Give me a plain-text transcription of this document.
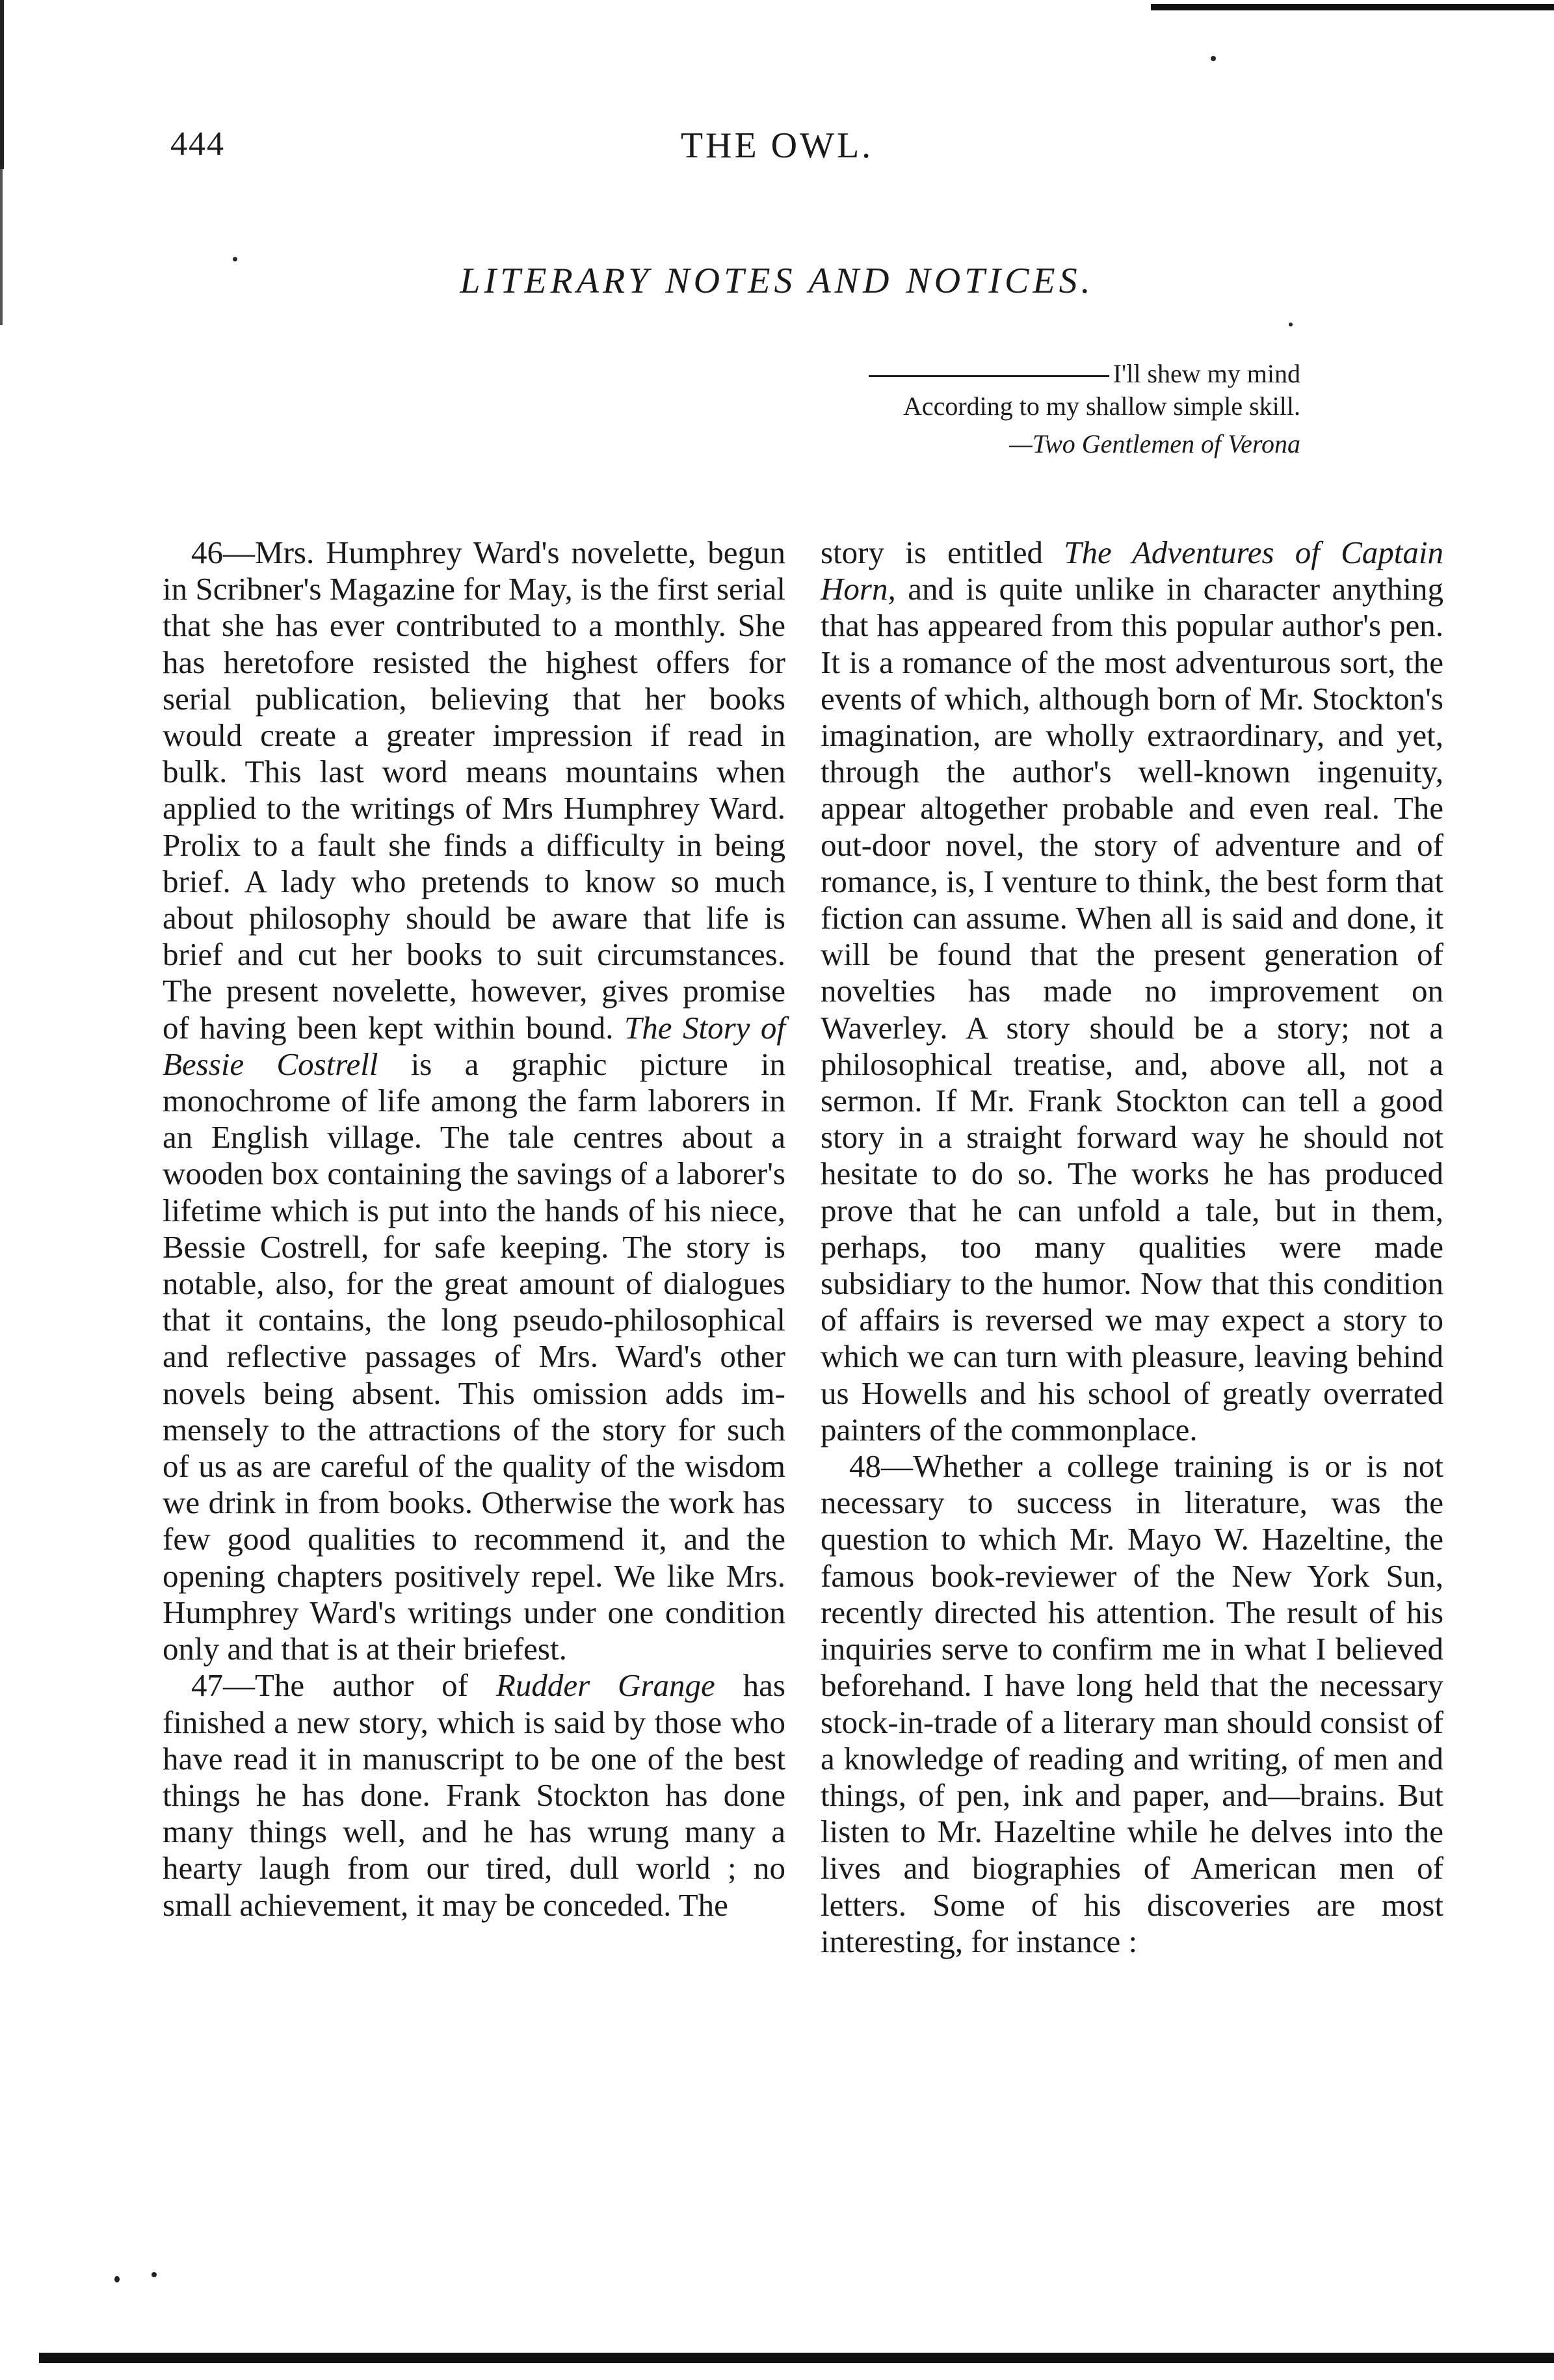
444	THE OWL.
LITERARY NOTES AND NOTICES.
I'll shew my mind
According to my shallow simple skill.
—Two Gentlemen of Verona

46—Mrs. Humphrey Ward's novelette, begun in Scribner's Magazine for May, is the first serial that she has ever contributed to a monthly. She has heretofore resisted the highest offers for serial publication, believing that her books would create a greater impression if read in bulk. This last word means mountains when applied to the writings of Mrs Humphrey Ward. Prolix to a fault she finds a difficulty in being brief. A lady who pretends to know so much about philosophy should be aware that life is brief and cut her books to suit circumstances. The present novelette, however, gives promise of having been kept within bound. The Story of Bessie Costrell is a graphic picture in monochrome of life among the farm laborers in an English village. The tale centres about a wooden box containing the savings of a laborer's lifetime which is put into the hands of his niece, Bessie Costrell, for safe keeping. The story is notable, also, for the great amount of dialogues that it contains, the long pseudo-philosophical and reflective passages of Mrs. Ward's other novels being absent. This omission adds immensely to the attractions of the story for such of us as are careful of the quality of the wisdom we drink in from books. Otherwise the work has few good qualities to recommend it, and the opening chapters positively repel. We like Mrs. Humphrey Ward's writings under one condition only and that is at their briefest.

47—The author of Rudder Grange has finished a new story, which is said by those who have read it in manuscript to be one of the best things he has done. Frank Stockton has done many things well, and he has wrung many a hearty laugh from our tired, dull world ; no small achievement, it may be conceded. The

story is entitled The Adventures of Captain Horn, and is quite unlike in character anything that has appeared from this popular author's pen. It is a romance of the most adventurous sort, the events of which, although born of Mr. Stockton's imagination, are wholly extraordinary, and yet, through the author's well-known ingenuity, appear altogether probable and even real. The out-door novel, the story of adventure and of romance, is, I venture to think, the best form that fiction can assume. When all is said and done, it will be found that the present generation of novelties has made no improvement on Waverley. A story should be a story; not a philosophical treatise, and, above all, not a sermon. If Mr. Frank Stockton can tell a good story in a straight forward way he should not hesitate to do so. The works he has produced prove that he can unfold a tale, but in them, perhaps, too many qualities were made subsidiary to the humor. Now that this condition of affairs is reversed we may expect a story to which we can turn with pleasure, leaving behind us Howells and his school of greatly overrated painters of the commonplace.

48—Whether a college training is or is not necessary to success in literature, was the question to which Mr. Mayo W. Hazeltine, the famous book-reviewer of the New York Sun, recently directed his attention. The result of his inquiries serve to confirm me in what I believed beforehand. I have long held that the necessary stock-in-trade of a literary man should consist of a knowledge of reading and writing, of men and things, of pen, ink and paper, and—brains. But listen to Mr. Hazeltine while he delves into the lives and biographies of American men of letters. Some of his discoveries are most interesting, for instance :
